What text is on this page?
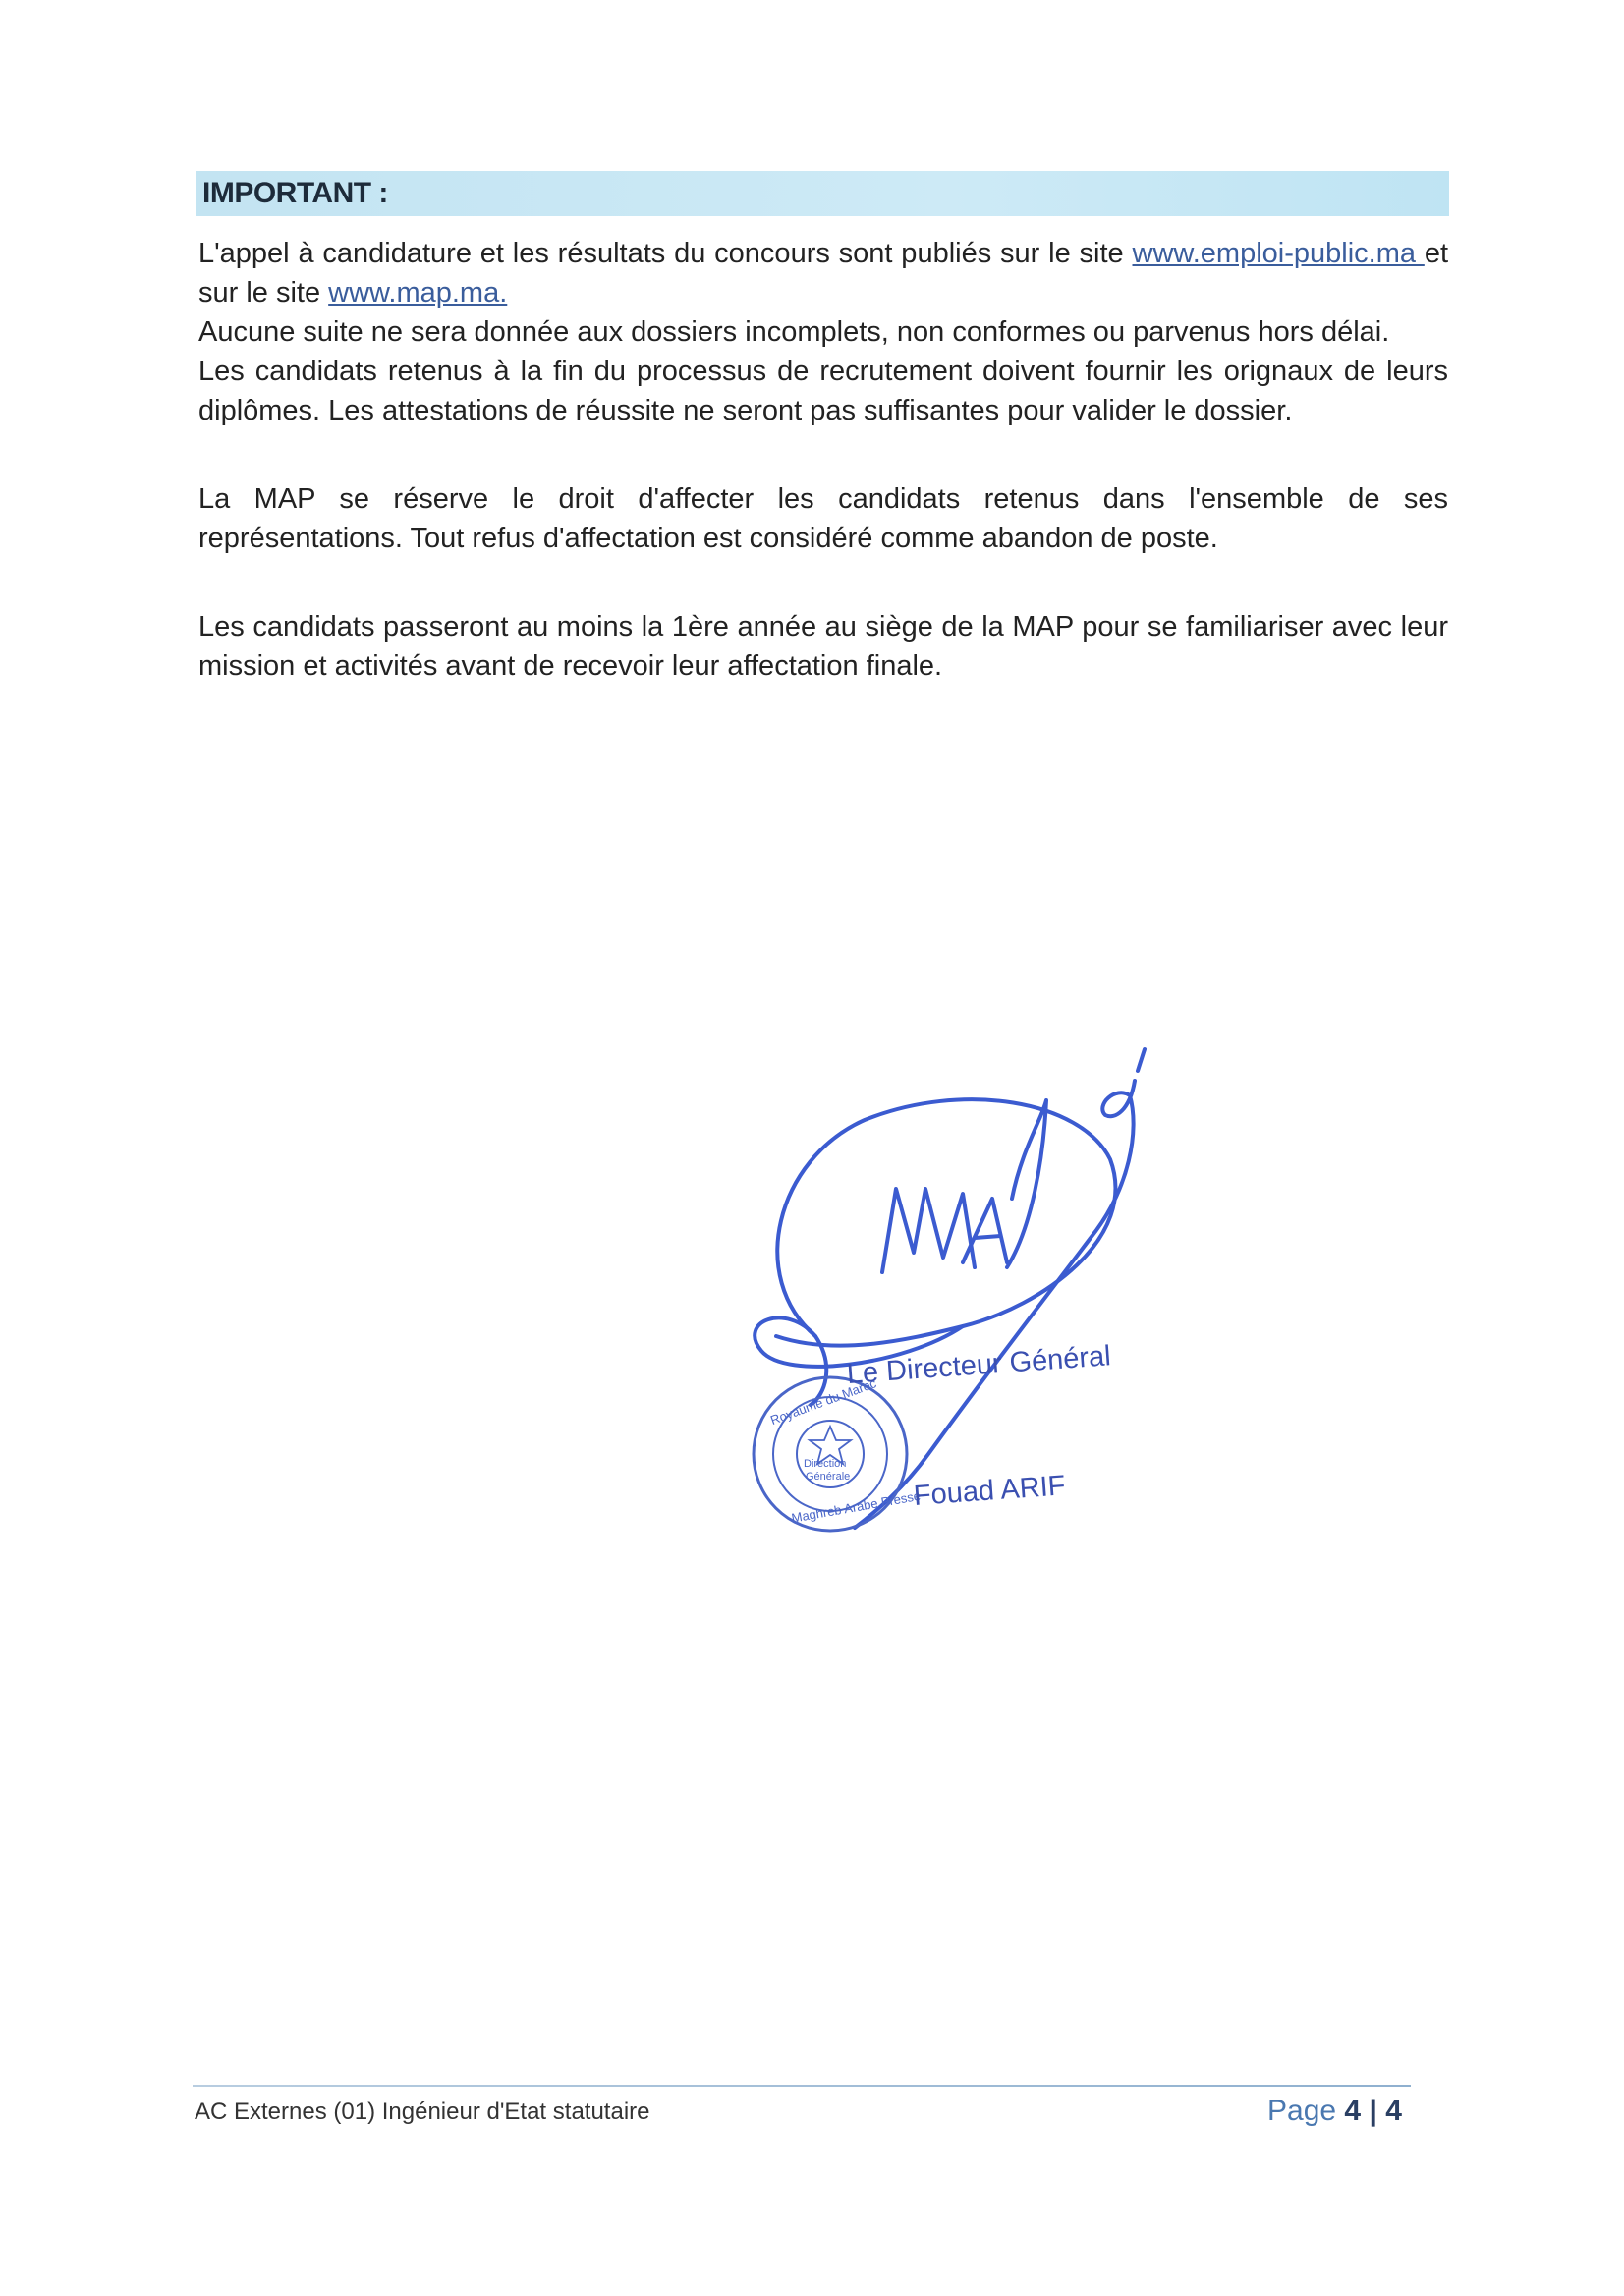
IMPORTANT :

L'appel à candidature et les résultats du concours sont publiés sur le site www.emploi-public.ma et sur le site www.map.ma.

Aucune suite ne sera donnée aux dossiers incomplets, non conformes ou parvenus hors délai.

Les candidats retenus à la fin du processus de recrutement doivent fournir les orignaux de leurs diplômes. Les attestations de réussite ne seront pas suffisantes pour valider le dossier.

La MAP se réserve le droit d'affecter les candidats retenus dans l'ensemble de ses représentations. Tout refus d'affectation est considéré comme abandon de poste.

Les candidats passeront au moins la 1ère année au siège de la MAP pour se familiariser avec leur mission et activités avant de recevoir leur affectation finale.

Direction
Générale
Royaume du Maroc
Maghreb Arabe Presse
Le Directeur Général
Fouad ARIF
AC Externes (01) Ingénieur d'Etat statutaire	Page 4 | 4
